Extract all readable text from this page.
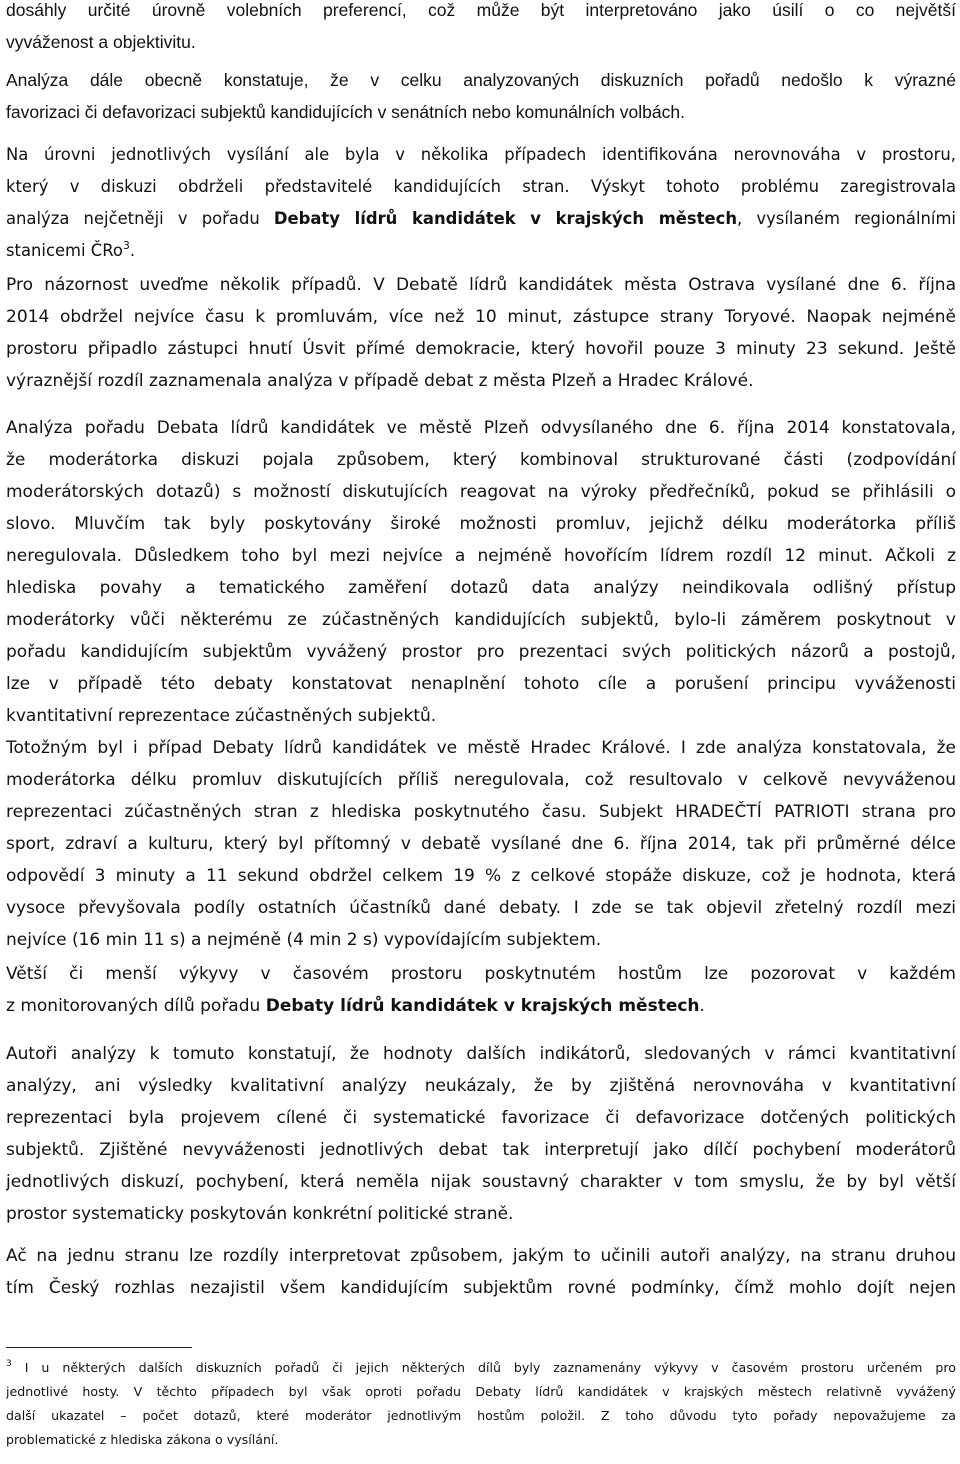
dosáhly určité úrovně volebních preferencí, což může být interpretováno jako úsilí o co největší
vyváženost a objektivitu.
Analýza dále obecně konstatuje, že v celku analyzovaných diskuzních pořadů nedošlo k výrazné
favorizaci či defavorizaci subjektů kandidujících v senátních nebo komunálních volbách.
Na úrovni jednotlivých vysílání ale byla v několika případech identifikována nerovnováha v prostoru,
který v diskuzi obdrželi představitelé kandidujících stran. Výskyt tohoto problému zaregistrovala
analýza nejčetněji v pořadu Debaty lídrů kandidátek v krajských městech, vysílaném regionálními
stanicemi ČRo$^3$.
Pro názornost uveďme několik případů. V Debatě lídrů kandidátek města Ostrava vysílané dne 6. října
2014 obdržel nejvíce času k promluvám, více než 10 minut, zástupce strany Toryové. Naopak nejméně
prostoru připadlo zástupci hnutí Úsvit přímé demokracie, který hovořil pouze 3 minuty 23 sekund. Ještě
výraznější rozdíl zaznamenala analýza v případě debat z města Plzeň a Hradec Králové.
Analýza pořadu Debata lídrů kandidátek ve městě Plzeň odvysílaného dne 6. října 2014 konstatovala,
že moderátorka diskuzi pojala způsobem, který kombinoval strukturované části (zodpovídání
moderátorských dotazů) s možností diskutujících reagovat na výroky předřečníků, pokud se přihlásili o
slovo. Mluvčím tak byly poskytovány široké možnosti promluv, jejichž délku moderátorka příliš
neregulovala. Důsledkem toho byl mezi nejvíce a nejméně hovořícím lídrem rozdíl 12 minut. Ačkoli z
hlediska povahy a tematického zaměření dotazů data analýzy neindikovala odlišný přístup
moderátorky vůči některému ze zúčastněných kandidujících subjektů, bylo-li záměrem poskytnout v
pořadu kandidujícím subjektům vyvážený prostor pro prezentaci svých politických názorů a postojů,
lze v případě této debaty konstatovat nenaplnění tohoto cíle a porušení principu vyváženosti
kvantitativní reprezentace zúčastněných subjektů.
Totožným byl i případ Debaty lídrů kandidátek ve městě Hradec Králové. I zde analýza konstatovala, že
moderátorka délku promluv diskutujících příliš neregulovala, což resultovalo v celkově nevyváženou
reprezentaci zúčastněných stran z hlediska poskytnutého času. Subjekt HRADEČTÍ PATRIOTI strana pro
sport, zdraví a kulturu, který byl přítomný v debatě vysílané dne 6. října 2014, tak při průměrné délce
odpovědí 3 minuty a 11 sekund obdržel celkem 19 % z celkové stopáže diskuze, což je hodnota, která
vysoce převyšovala podíly ostatních účastníků dané debaty. I zde se tak objevil zřetelný rozdíl mezi
nejvíce (16 min 11 s) a nejméně (4 min 2 s) vypovídajícím subjektem.
Větší či menší výkyvy v časovém prostoru poskytnutém hostům lze pozorovat v každém
z monitorovaných dílů pořadu Debaty lídrů kandidátek v krajských městech.
Autoři analýzy k tomuto konstatují, že hodnoty dalších indikátorů, sledovaných v rámci kvantitativní
analýzy, ani výsledky kvalitativní analýzy neukázaly, že by zjištěná nerovnováha v kvantitativní
reprezentaci byla projevem cílené či systematické favorizace či defavorizace dotčených politických
subjektů. Zjištěné nevyváženosti jednotlivých debat tak interpretují jako dílčí pochybení moderátorů
jednotlivých diskuzí, pochybení, která neměla nijak soustavný charakter v tom smyslu, že by byl větší
prostor systematicky poskytován konkrétní politické straně.
Ač na jednu stranu lze rozdíly interpretovat způsobem, jakým to učinili autoři analýzy, na stranu druhou
tím Český rozhlas nezajistil všem kandidujícím subjektům rovné podmínky, čímž mohlo dojít nejen
$^3$ I u některých dalších diskuzních pořadů či jejich některých dílů byly zaznamenány výkyvy v časovém prostoru určeném pro
jednotlivé hosty. V těchto případech byl však oproti pořadu Debaty lídrů kandidátek v krajských městech relativně vyvážený
další ukazatel – počet dotazů, které moderátor jednotlivým hostům položil. Z toho důvodu tyto pořady nepovažujeme za
problematické z hlediska zákona o vysílání.
